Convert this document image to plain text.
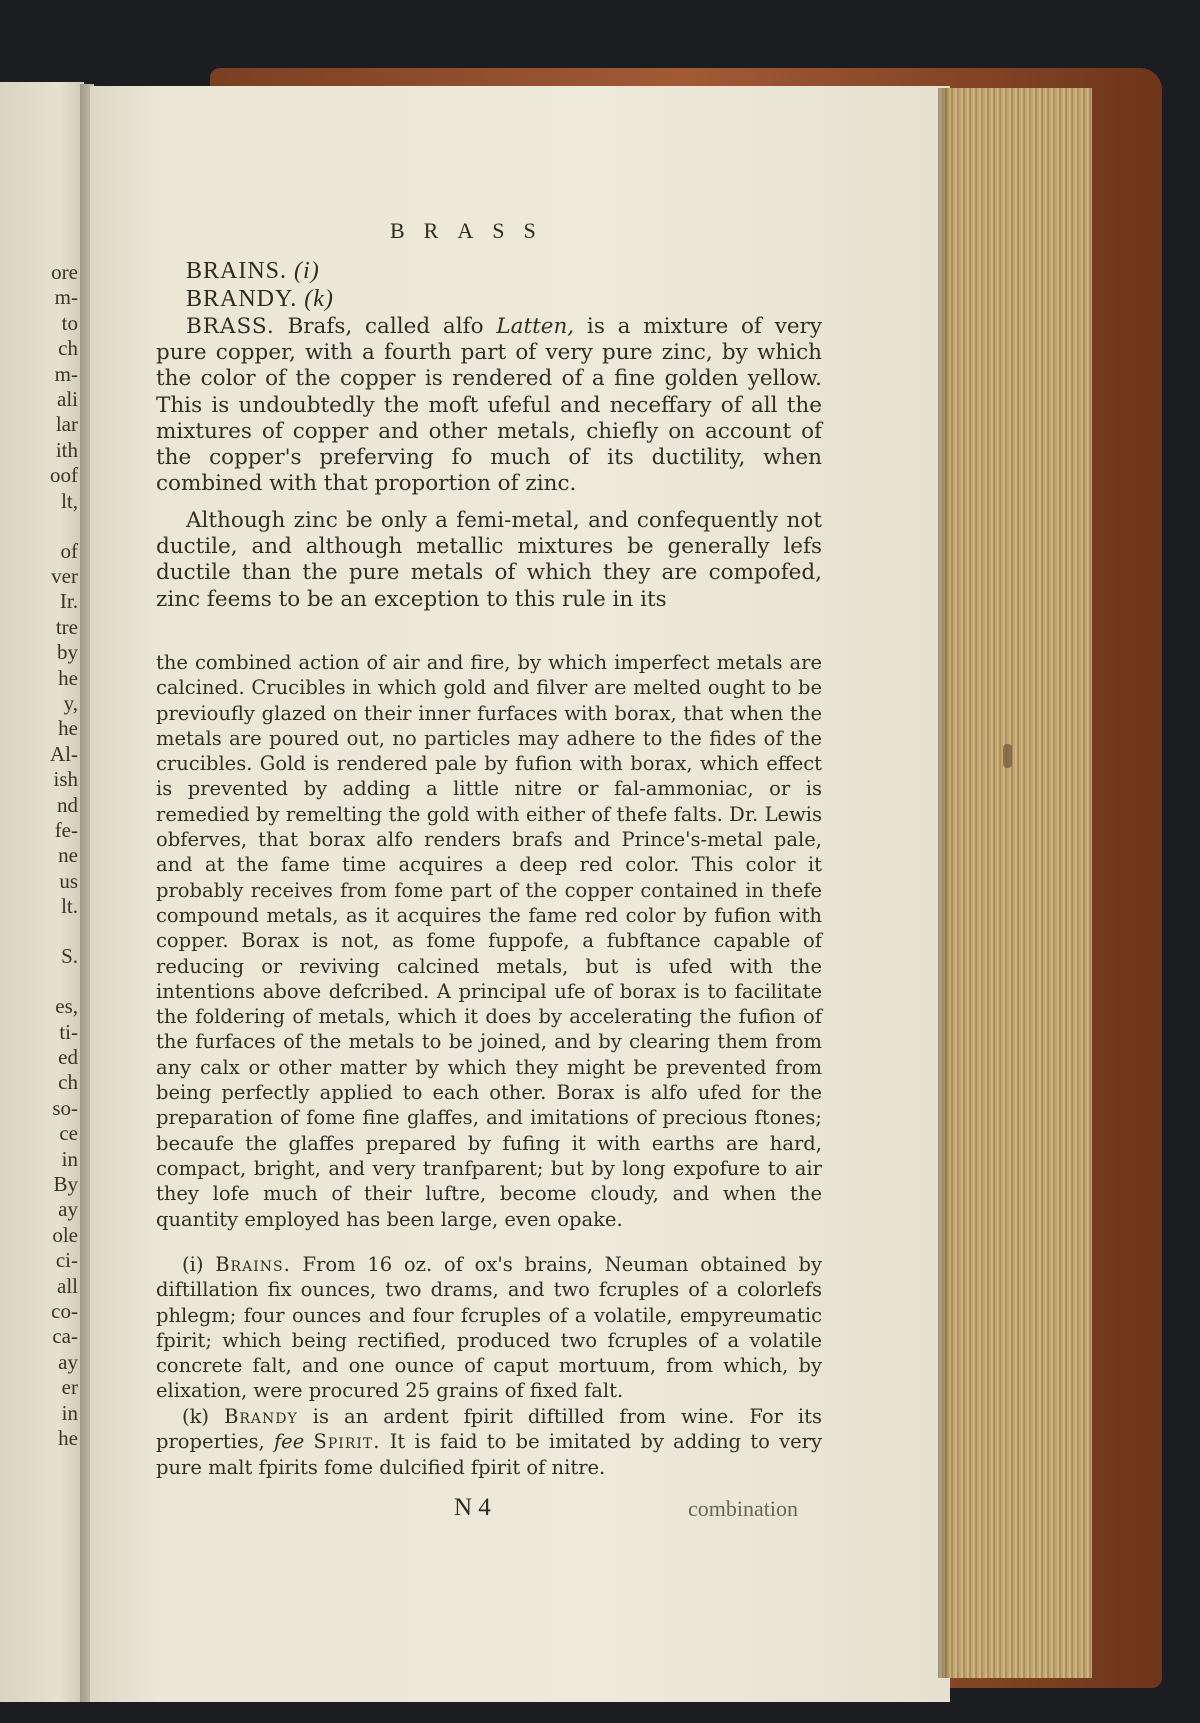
ore
m-
to
ch
m-
ali
lar
ith
oof
lt,
of
ver
Ir.
tre
by
he
y,
he
Al-
ish
nd
fe-
ne
us
lt.
S.
es,
ti-
ed
ch
so-
ce
in
By
ay
ole
ci-
all
co-
ca-
ay
er
in
he
BRASS
BRAINS. (i)
BRANDY. (k)
BRASS. Brafs, called alfo Latten, is a mixture of very pure copper, with a fourth part of very pure zinc, by which the color of the copper is rendered of a fine golden yellow. This is undoubtedly the moft ufeful and neceffary of all the mixtures of copper and other metals, chiefly on account of the copper's preferving fo much of its ductility, when combined with that proportion of zinc.
Although zinc be only a femi-metal, and confequently not ductile, and although metallic mixtures be generally lefs ductile than the pure metals of which they are compofed, zinc feems to be an exception to this rule in its
the combined action of air and fire, by which imperfect metals are calcined. Crucibles in which gold and filver are melted ought to be previoufly glazed on their inner furfaces with borax, that when the metals are poured out, no particles may adhere to the fides of the crucibles. Gold is rendered pale by fufion with borax, which effect is prevented by adding a little nitre or fal-ammoniac, or is remedied by remelting the gold with either of thefe falts. Dr. Lewis obferves, that borax alfo renders brafs and Prince's-metal pale, and at the fame time acquires a deep red color. This color it probably receives from fome part of the copper contained in thefe compound metals, as it acquires the fame red color by fufion with copper. Borax is not, as fome fuppofe, a fubftance capable of reducing or reviving calcined metals, but is ufed with the intentions above defcribed. A principal ufe of borax is to facilitate the foldering of metals, which it does by accelerating the fufion of the furfaces of the metals to be joined, and by clearing them from any calx or other matter by which they might be prevented from being perfectly applied to each other. Borax is alfo ufed for the preparation of fome fine glaffes, and imitations of precious ftones; becaufe the glaffes prepared by fufing it with earths are hard, compact, bright, and very tranfparent; but by long expofure to air they lofe much of their luftre, become cloudy, and when the quantity employed has been large, even opake.
(i) Brains. From 16 oz. of ox's brains, Neuman obtained by diftillation fix ounces, two drams, and two fcruples of a colorlefs phlegm; four ounces and four fcruples of a volatile, empyreumatic fpirit; which being rectified, produced two fcruples of a volatile concrete falt, and one ounce of caput mortuum, from which, by elixation, were procured 25 grains of fixed falt.
(k) Brandy is an ardent fpirit diftilled from wine. For its properties, fee Spirit. It is faid to be imitated by adding to very pure malt fpirits fome dulcified fpirit of nitre.
N 4	combination
